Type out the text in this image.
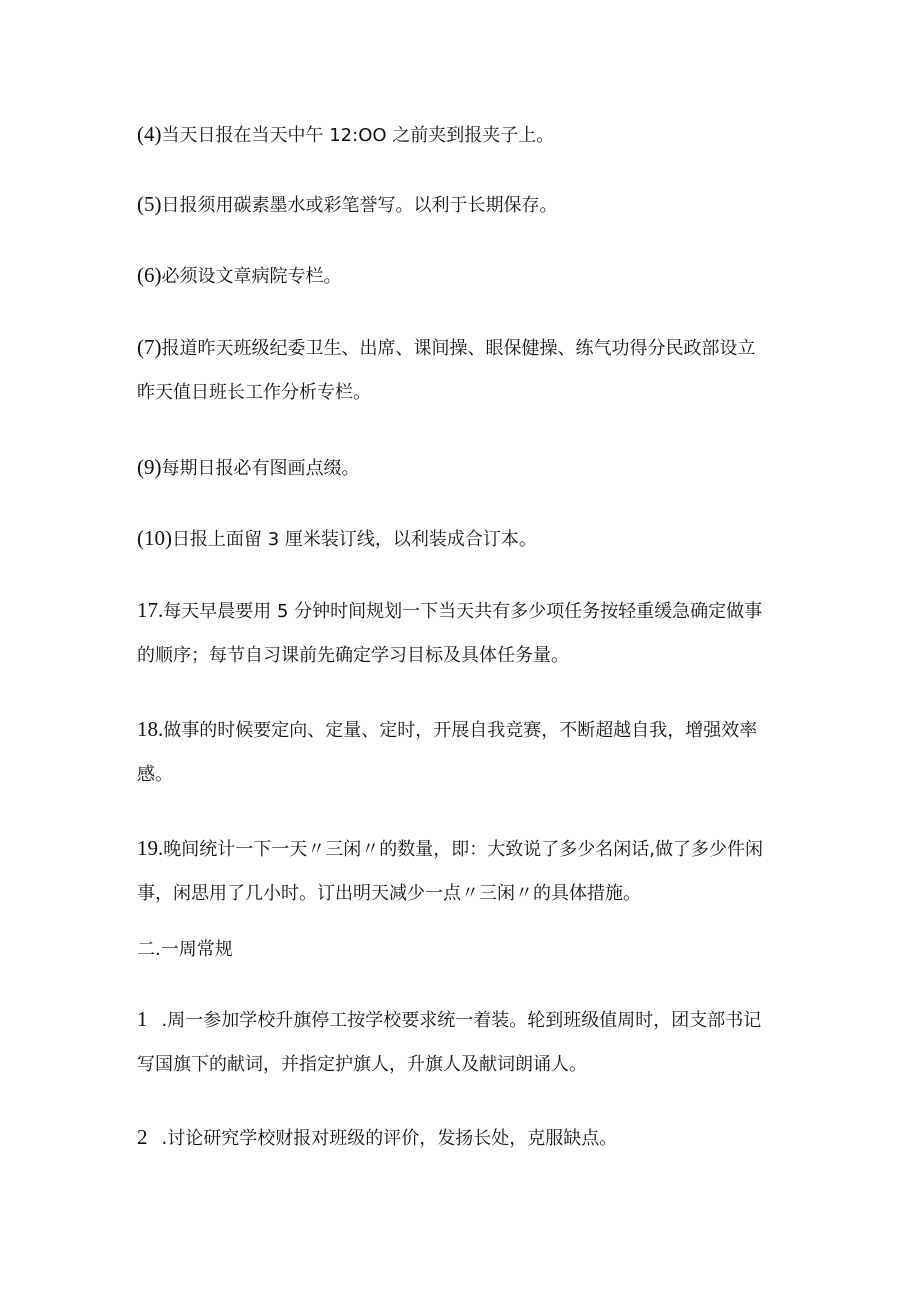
(4)当天日报在当天中午 12:OO 之前夹到报夹子上。
(5)日报须用碳素墨水或彩笔誉写。以利于长期保存。
(6)必须设文章病院专栏。
(7)报道昨天班级纪委卫生、出席、课间操、眼保健操、练气功得分民政部设立
昨天值日班长工作分析专栏。
(9)每期日报必有图画点缀。
(10)日报上面留 3 厘米装订线，以利装成合订本。
17.每天早晨要用 5 分钟时间规划一下当天共有多少项任务按轻重缓急确定做事
的顺序；每节自习课前先确定学习目标及具体任务量。
18.做事的时候要定向、定量、定时，开展自我竞赛，不断超越自我，增强效率
感。
19.晚间统计一下一天〃三闲〃的数量，即：大致说了多少名闲话,做了多少件闲
事，闲思用了几小时。订出明天减少一点〃三闲〃的具体措施。
二.一周常规
1 .周一参加学校升旗停工按学校要求统一着装。轮到班级值周时，团支部书记
写国旗下的献词，并指定护旗人，升旗人及献词朗诵人。
2 .讨论研究学校财报对班级的评价，发扬长处，克服缺点。
